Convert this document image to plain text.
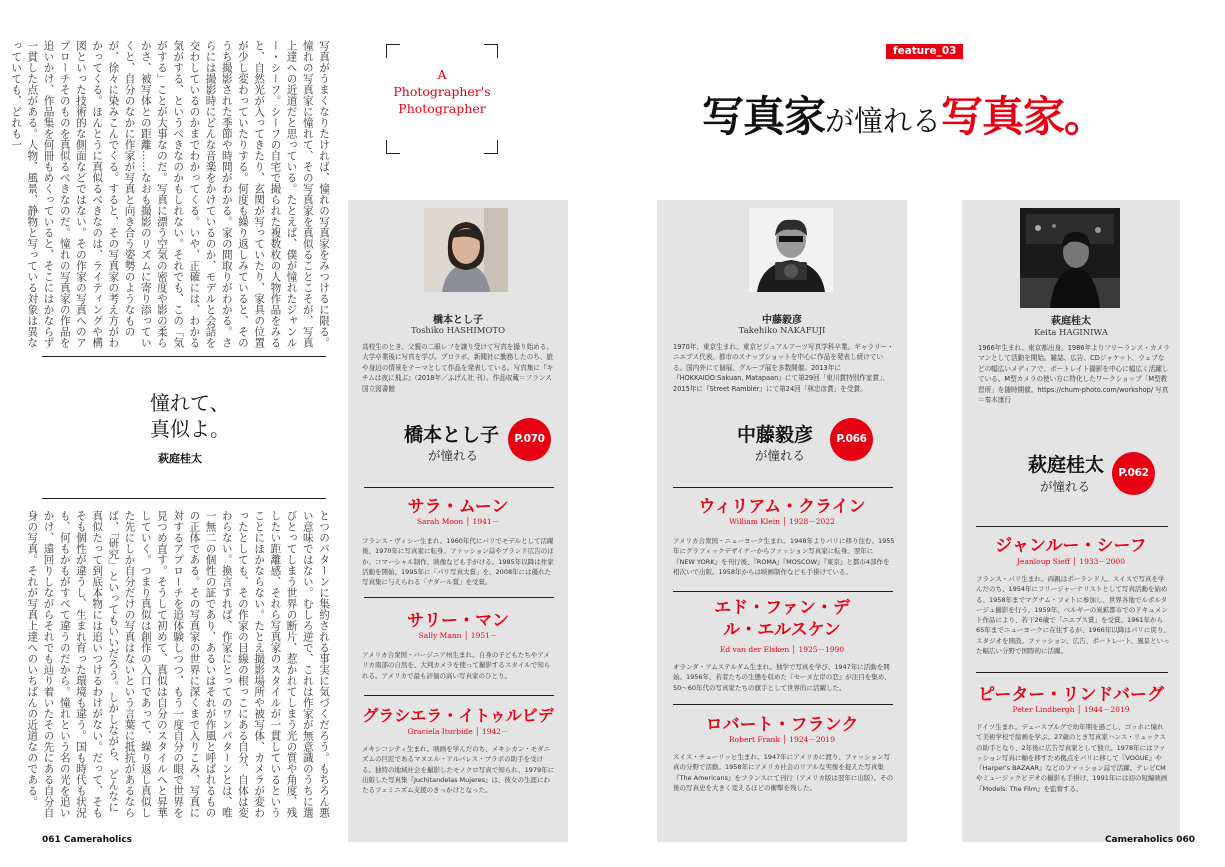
写真がうまくなりたければ、憧れの写真家をみつけるに限る。憧れの写真家に憧れて、その写真家を真似ることこそが、写真上達への近道だと思っている。たとえば、僕が憧れたジャンルー・シーフ。シーフの自宅で撮られた複数枚の人物作品をみると、自然光が入ってきたり、玄関が写っていたり、家具の位置が少し変わっていたりする。何度も繰り返しみていると、そのうち撮影された季節や時間がわかる。家の間取りがわかる。さらには撮影時にどんな音楽をかけているのか、モデルと会話を交わしているのかまでわかってくる。いや、正確には、わかる気がする、というべきなのかもしれない。それでも、この「気がする」ことが大事なのだ。写真に漂う空気の密度や影の柔らかさ、被写体との距離……なおも撮影のリズムに寄り添っていくと、自分のなかに作家が写真と向き合う姿勢のようなものが、徐々に染みこんでくる。すると、その写真家の考え方がわかってくる。ほんとうに真似るべきなのは、ライティングや構図といった技術的な側面などではない。その作家の写真へのアプローチそのものを真似るべきなのだ。憧れの写真家の作品を追いかけ、作品集を何冊もめくっていると、そこにはかならず一貫した点がある。人物、風景、静物と写っている対象は異なっていても、どれも一
憧れて、
真似よ。
萩庭桂太
とつのパターンに集約される事実に気づくだろう。もちろん悪い意味ではない。むしろ逆で、これは作家が無意識のうちに選びとってしまう世界の断片、惹かれてしまう光の質や角度、残したい距離感、それら写真家のスタイルが一貫しているということにほかならない。たとえ撮影場所や被写体、カメラが変わったとしても、その作家の目線の根っこにある自分、自体は変わらない。換言すれば、作家にとってのワンパターンとは、唯一無二の個性の証であり、あるいはそれが作風と呼ばれるものの正体である。その写真家の世界に深くまで入りこみ、写真に対するアプローチを追体験しつつ、もう一度自分の眼で世界を見つめ直す。そうして初めて、真似は自分のスタイルへと昇華していく。つまり真似は創作の入口であって、繰り返し真似した先にしか自分だけの写真はないという言葉に抵抗があるならば、「研究」といってもいいだろう。しかしながら、どんなに真似たって到底本物には追いつけるわけがない。だって、そもそも個性が違うし、生まれ育った環境も違う。国も時代も状況も、何もかもがすべて違うのだから。憧れという名の光を追いかけ、遠回りしながらそれでも辿り着いたその先にある自分自身の写真。それが写真上達へのいちばんの近道なのである。
061 Cameraholics
A
Photographer's
Photographer
feature_03
写真家が憧れる写真家。
橋本とし子
Toshiko HASHIMOTO
高校生のとき、父親の二眼レフを譲り受けて写真を撮り始める。大学卒業後に写真を学び、プロラボ、新聞社に勤務したのち、旅や身辺の情景をテーマとして作品を発表している。写真集に『キチムは夜に飛ぶ』（2018年／ふげん社 刊）。作品収蔵＝フランス国立図書館
橋本とし子
が憧れる
P.070
サラ・ムーン
Sarah Moon │ 1941－
フランス・ヴィシー生まれ。1960年代にパリでモデルとして活躍後、1970年に写真家に転身。ファッション誌やブランド広告のほか、コマーシャル制作、映像なども手がける。1985年以降は作家活動を開始、1995年に「パリ写真大賞」を、2008年には優れた写真集に与えられる「ナダール賞」を受賞。
サリー・マン
Sally Mann │ 1951－
アメリカ合衆国・バージニア州生まれ。自身の子どもたちやアメリカ南部の自然を、大判カメラを使って撮影するスタイルで知られる。アメリカで最も評価の高い写真家のひとり。
グラシエラ・イトゥルビデ
Graciela Iturbide │ 1942－
メキシコシティ生まれ。映画を学んだのち、メキシカン・モダニズムの巨匠であるマヌエル・アルバレス・ブラボの助手を受ける。独特の地域社会を撮影したモノクロ写真で知られ、1979年に出版した写真集『Juchitandelas Mujeres』は、彼女の生涯にわたるフェミニズム支援のきっかけとなった。
中藤毅彦
Takehiko NAKAFUJI
1970年、東京生まれ。東京ビジュアルアーツ写真学科卒業。ギャラリー・ニエプス代表。都市のスナップショットを中心に作品を発表し続けている。国内外にて個展、グループ展を多数開催。2013年に『HOKKAIDO:Sakuan, Matapaan』にて第29回「東川賞特別作家賞」、2015年に『Street Rambler』にて第24回「林忠彦賞」を受賞。
中藤毅彦
が憧れる
P.066
ウィリアム・クライン
William Klein │ 1928－2022
アメリカ合衆国・ニューヨーク生まれ。1948年よりパリに移り住む。1955年にグラフィックデザイナーからファッション写真家に転身。翌年に『NEW YORK』を刊行後、『ROMA』『MOSCOW』『東京』と都市4部作を相次いで出版。1958年からは映画制作なども手掛けている。
エド・ファン・デル・エルスケン
Ed van der Elsken │ 1925－1990
オランダ・アムステルダム生まれ。独学で写真を学び、1947年に活動を開始。1956年、若者たちの生態を収めた『セーヌ左岸の恋』が注目を集め、50〜60年代の写真家たちの旗手として世界的に活躍した。
ロバート・フランク
Robert Frank │ 1924－2019
スイス・チューリッヒ生まれ。1947年にアメリカに渡り、ファッション写真の分野で活動。1958年にアメリカ社会のリアルな実像を捉えた写真集『The Americans』をフランスにて刊行（アメリカ版は翌年に出版）。その後の写真史を大きく変えるほどの衝撃を残した。
萩庭桂太
Keita HAGINIWA
1966年生まれ、東京都出身。1986年よりフリーランス・カメラマンとして活動を開始。雑誌、広告、CDジャケット、ウェブなどの幅広いメディアで、ポートレイト撮影を中心に幅広く活躍している。M型カメラの使い方に特化したワークショップ「M型教習所」を随時開催。https://chum-photo.com/workshop/ 写真＝秦木康行
萩庭桂太
が憧れる
P.062
ジャンルー・シーフ
Jeanloup Sieff │ 1933－2000
フランス・パリ生まれ。両親はポーランド人。スイスで写真を学んだのち、1954年にフリージャーナリストとして写真活動を始める。1958年までマグナム・フォトに参加し、世界各地でルポルタージュ撮影を行う。1959年、ベルギーの炭鉱都市でのドキュメント作品により、若干26歳で「ニエプス賞」を受賞。1961年から65年までニューヨークに在住するが、1966年以降はパリに戻り、スタジオを開設。ファッション、広告、ポートレート、風景といった幅広い分野で国際的に活躍。
ピーター・リンドバーグ
Peter Lindbergh │ 1944－2019
ドイツ生まれ。デュースブルグで幼年期を過ごし、ゴッホに憧れて美術学校で絵画を学ぶ。27歳のとき写真家ハンス・リュックスの助手となり、2年後に広告写真家として独立。1978年にはファッション写真に軸を移すため拠点をパリに移して『VOGUE』や『Harper's BAZAAR』などのファッション誌で活躍。テレビCMやミュージックビデオの撮影も手掛け、1991年には初の短編映画『Models: The Film』を監督する。
Cameraholics 060
